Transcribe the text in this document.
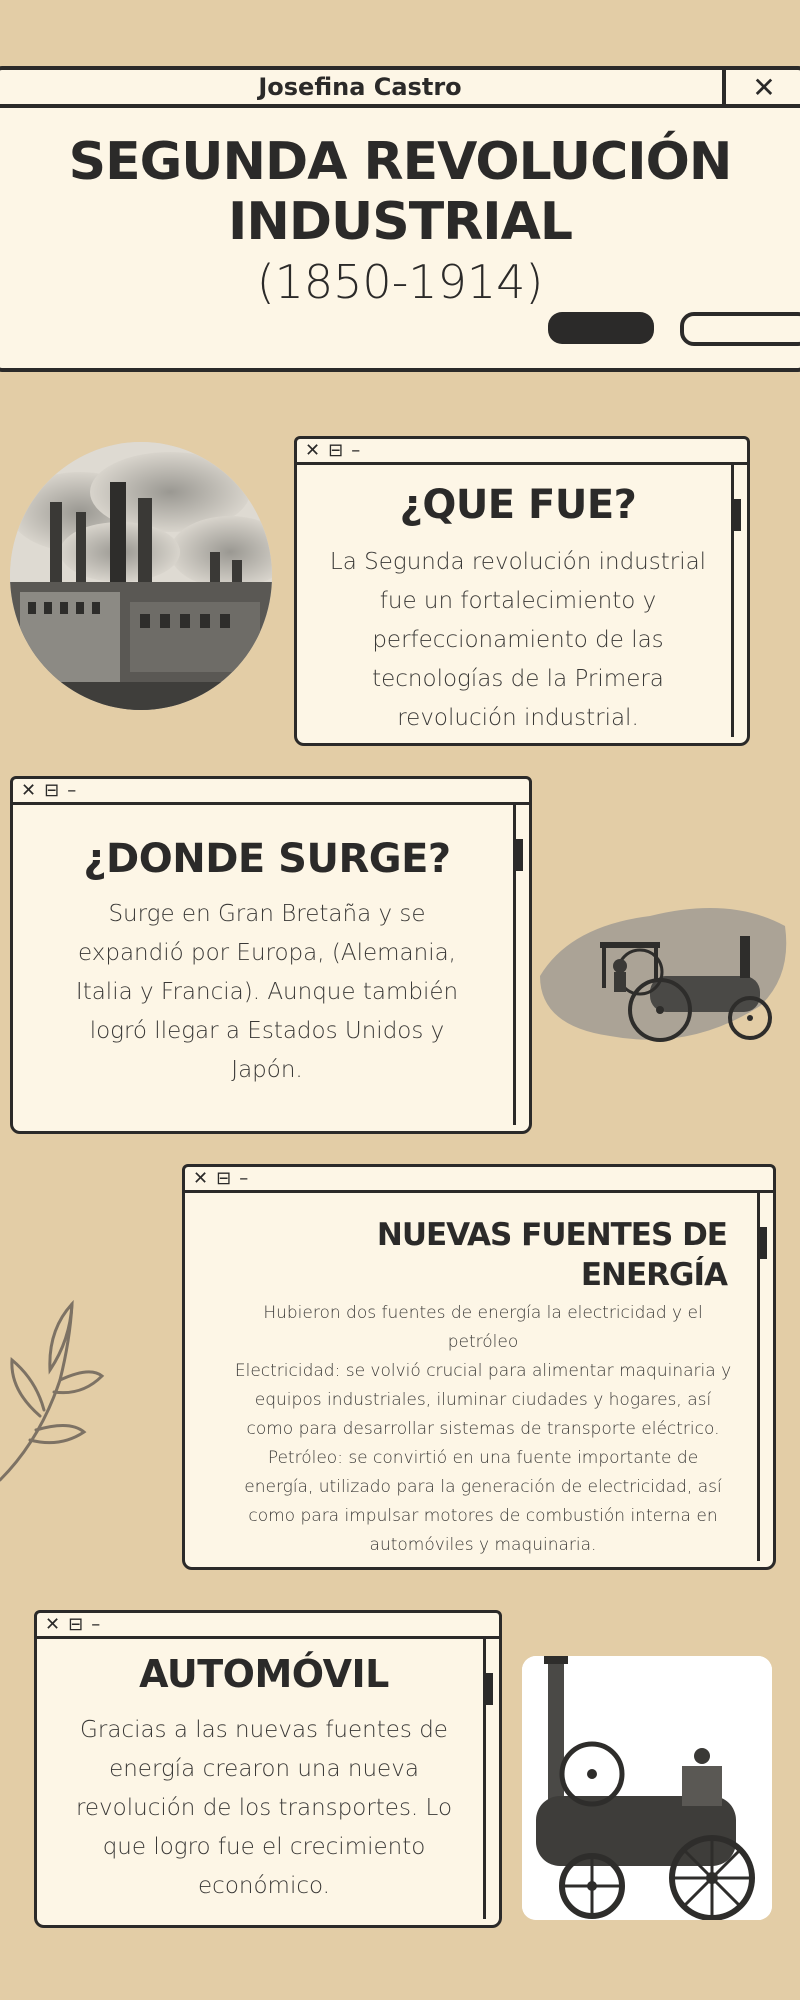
Josefina Castro	✕
SEGUNDA REVOLUCIÓN
INDUSTRIAL
(1850-1914)
✕ ⊟ –
¿QUE FUE?

La Segunda revolución industrial fue un fortalecimiento y perfeccionamiento de las tecnologías de la Primera revolución industrial.

✕ ⊟ –
¿DONDE SURGE?

Surge en Gran Bretaña y se expandió por Europa, (Alemania, Italia y Francia). Aunque también logró llegar a Estados Unidos y Japón.

✕ ⊟ –
NUEVAS FUENTES DE ENERGÍA

Hubieron dos fuentes de energía la electricidad y el petróleo

Electricidad: se volvió crucial para alimentar maquinaria y equipos industriales, iluminar ciudades y hogares, así como para desarrollar sistemas de transporte eléctrico.

Petróleo: se convirtió en una fuente importante de energía, utilizado para la generación de electricidad, así como para impulsar motores de combustión interna en automóviles y maquinaria.

✕ ⊟ –
AUTOMÓVIL

Gracias a las nuevas fuentes de energía crearon una nueva revolución de los transportes. Lo que logro fue el crecimiento económico.
